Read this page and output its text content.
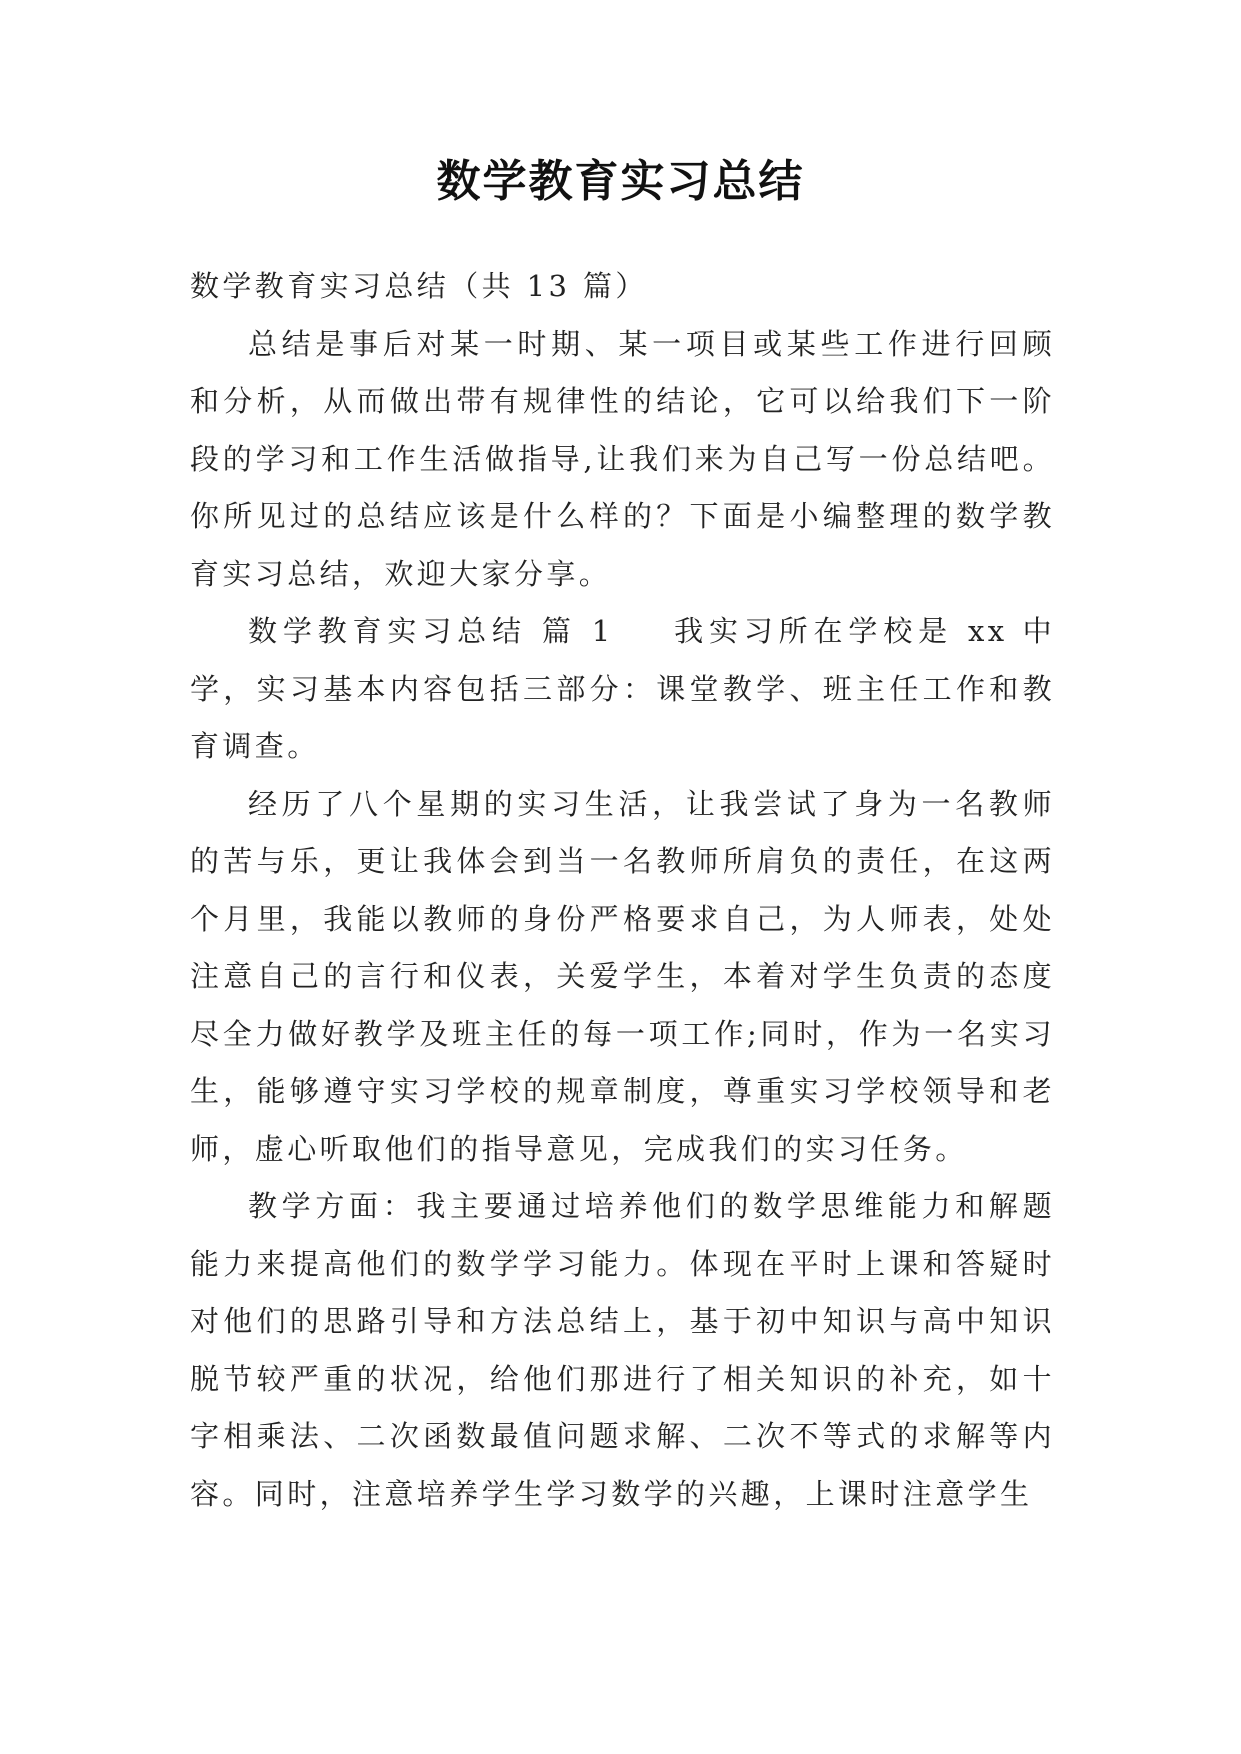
数学教育实习总结

数学教育实习总结（共 13 篇）

总结是事后对某一时期、某一项目或某些工作进行回顾和分析，从而做出带有规律性的结论，它可以给我们下一阶段的学习和工作生活做指导,让我们来为自己写一份总结吧。你所见过的总结应该是什么样的？下面是小编整理的数学教育实习总结，欢迎大家分享。

数学教育实习总结 篇 1 我实习所在学校是 xx 中学，实习基本内容包括三部分：课堂教学、班主任工作和教育调查。

经历了八个星期的实习生活，让我尝试了身为一名教师的苦与乐，更让我体会到当一名教师所肩负的责任，在这两个月里，我能以教师的身份严格要求自己，为人师表，处处注意自己的言行和仪表，关爱学生，本着对学生负责的态度尽全力做好教学及班主任的每一项工作;同时，作为一名实习生，能够遵守实习学校的规章制度，尊重实习学校领导和老师，虚心听取他们的指导意见，完成我们的实习任务。

教学方面：我主要通过培养他们的数学思维能力和解题能力来提高他们的数学学习能力。体现在平时上课和答疑时对他们的思路引导和方法总结上，基于初中知识与高中知识脱节较严重的状况，给他们那进行了相关知识的补充，如十字相乘法、二次函数最值问题求解、二次不等式的求解等内容。同时，注意培养学生学习数学的兴趣，上课时注意学生
